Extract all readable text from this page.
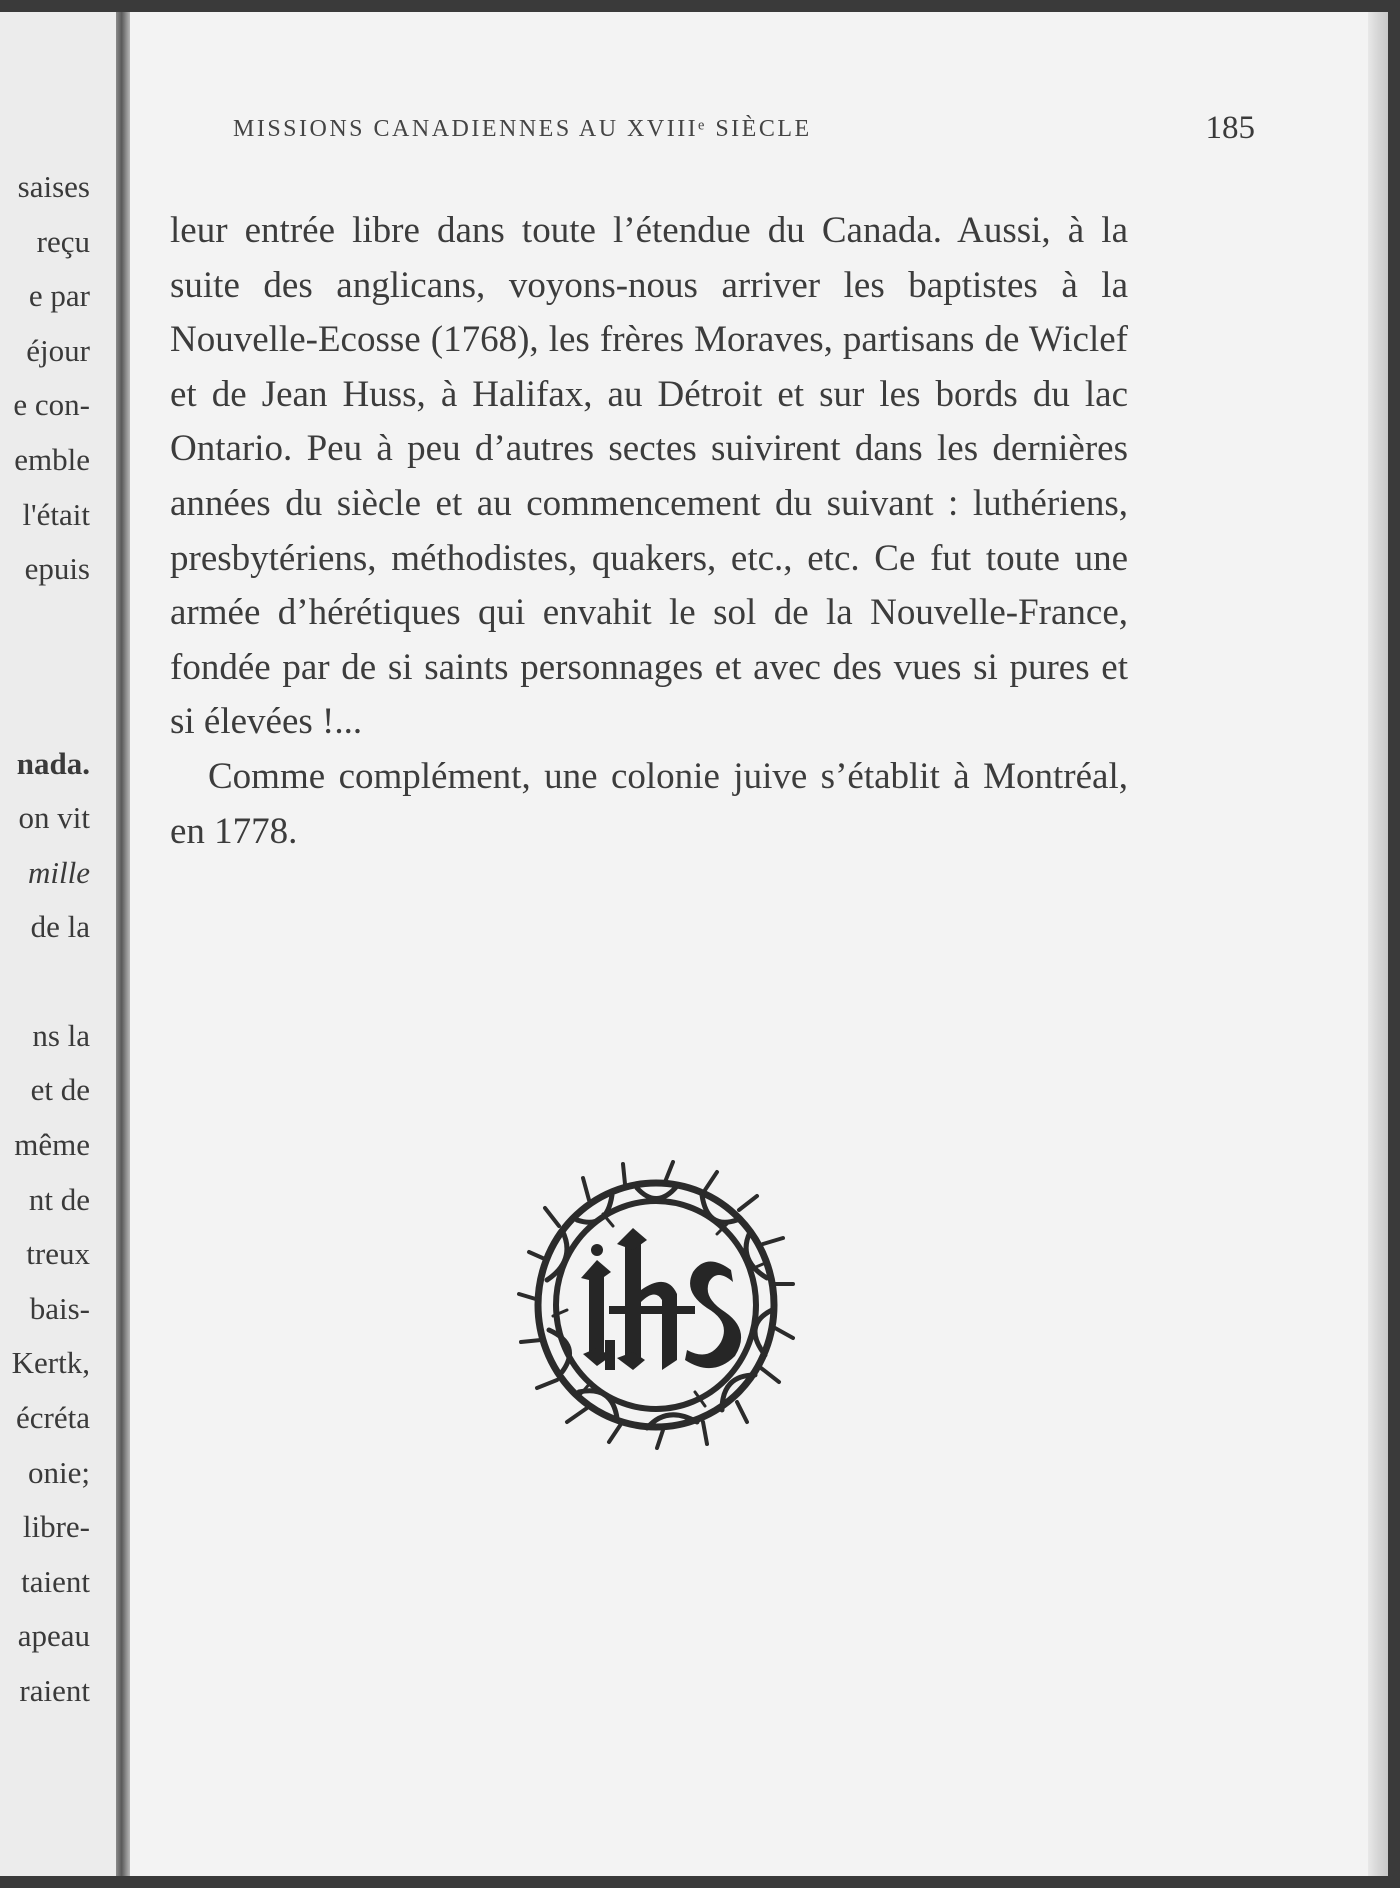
saises
reçu
e par
éjour
e con-
emble
l'était
epuis
nada.
on vit
mille
de la
ns la
et de
même
nt de
treux
bais-
Kertk,
écréta
onie;
libre-
taient
apeau
raient
MISSIONS CANADIENNES AU XVIIIᵉ SIÈCLE	185

leur entrée libre dans toute l’étendue du Canada. Aussi, à la suite des anglicans, voyons-nous arriver les baptistes à la Nouvelle-Ecosse (1768), les frères Moraves, partisans de Wiclef et de Jean Huss, à Halifax, au Détroit et sur les bords du lac Ontario. Peu à peu d’autres sectes suivirent dans les dernières années du siècle et au commencement du suivant : luthériens, presbytériens, méthodistes, quakers, etc., etc. Ce fut toute une armée d’hérétiques qui envahit le sol de la Nouvelle-France, fondée par de si saints personnages et avec des vues si pures et si élevées !...

Comme complément, une colonie juive s’établit à Montréal, en 1778.
